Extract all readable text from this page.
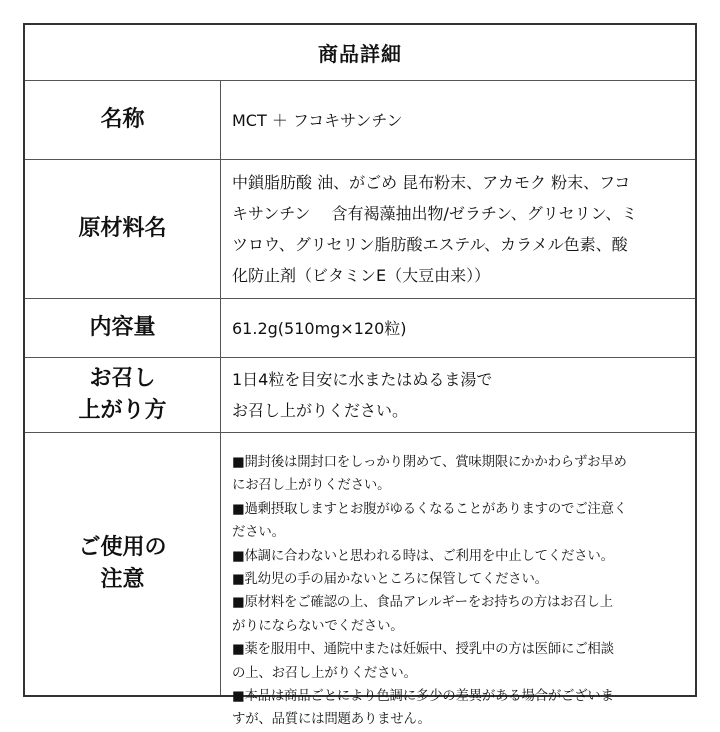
商品詳細
名称	MCT ＋ フコキサンチン
原材料名
中鎖脂肪酸 油、がごめ 昆布粉末、アカモク 粉末、フコ
キサンチン　 含有褐藻抽出物/ゼラチン、グリセリン、ミ
ツロウ、グリセリン脂肪酸エステル、カラメル色素、酸
化防止剤（ビタミンE（大豆由来））
内容量	61.2g(510mg×120粒)
お召し
上がり方
1日4粒を目安に水またはぬるま湯で
お召し上がりください。
ご使用の
注意
■開封後は開封口をしっかり閉めて、賞味期限にかかわらずお早め
にお召し上がりください。
■過剰摂取しますとお腹がゆるくなることがありますのでご注意く
ださい。
■体調に合わないと思われる時は、ご利用を中止してください。
■乳幼児の手の届かないところに保管してください。
■原材料をご確認の上、食品アレルギーをお持ちの方はお召し上
がりにならないでください。
■薬を服用中、通院中または妊娠中、授乳中の方は医師にご相談
の上、お召し上がりください。
■本品は商品ごとにより色調に多少の差異がある場合がございま
すが、品質には問題ありません。
